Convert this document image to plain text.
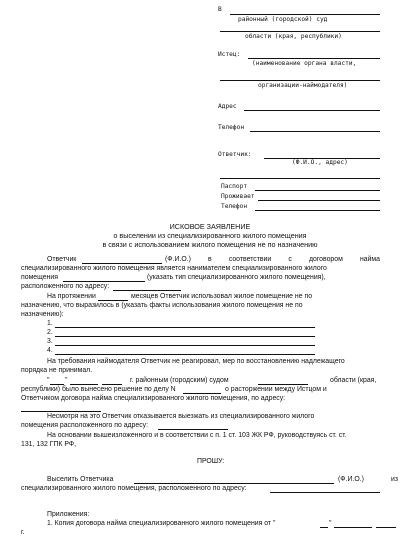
В
районный (городской) суд
области (края, республики)
Истец:
(наименование органа власти,
организации-наймодателя)
Адрес
Телефон
Ответчик:
(Ф.И.О., адрес)
Паспорт
Проживает
Телефон
ИСКОВОЕ ЗАЯВЛЕНИЕ
о выселении из специализированного жилого помещения
в связи с использованием жилого помещения не по назначению
Ответчик	(Ф.И.О.) в соответствии с договором найма
специализированного жилого помещения является нанимателем специализированного жилого
помещения	(указать тип специализированного жилого помещения),
расположенного по адресу:
На протяжении	месяцев Ответчик использовал жилое помещение не по
назначению, что выразилось в (указать факты использования жилого помещения не по
назначению):
1.
2.
3.
4.
На требования наймодателя Ответчик не реагировал, мер по восстановлению надлежащего
порядка не принимал.
" "	г. районным (городским) судом	области (края,
республики) было вынесено решение по делу N	о расторжении между Истцом и
Ответчиком договора найма специализированного жилого помещения, по адресу:
Несмотря на это Ответчик отказывается выезжать из специализированного жилого
помещения расположенного по адресу:
На основании вышеизложенного и в соответствии с п. 1 ст. 103 ЖК РФ, руководствуясь ст. ст.
131, 132 ГПК РФ,
ПРОШУ:
Выселить Ответчика	(Ф.И.О.)	из
специализированного жилого помещения, расположенного по адресу:
Приложения:
1. Копия договора найма специализированного жилого помещения от "	"
г.
